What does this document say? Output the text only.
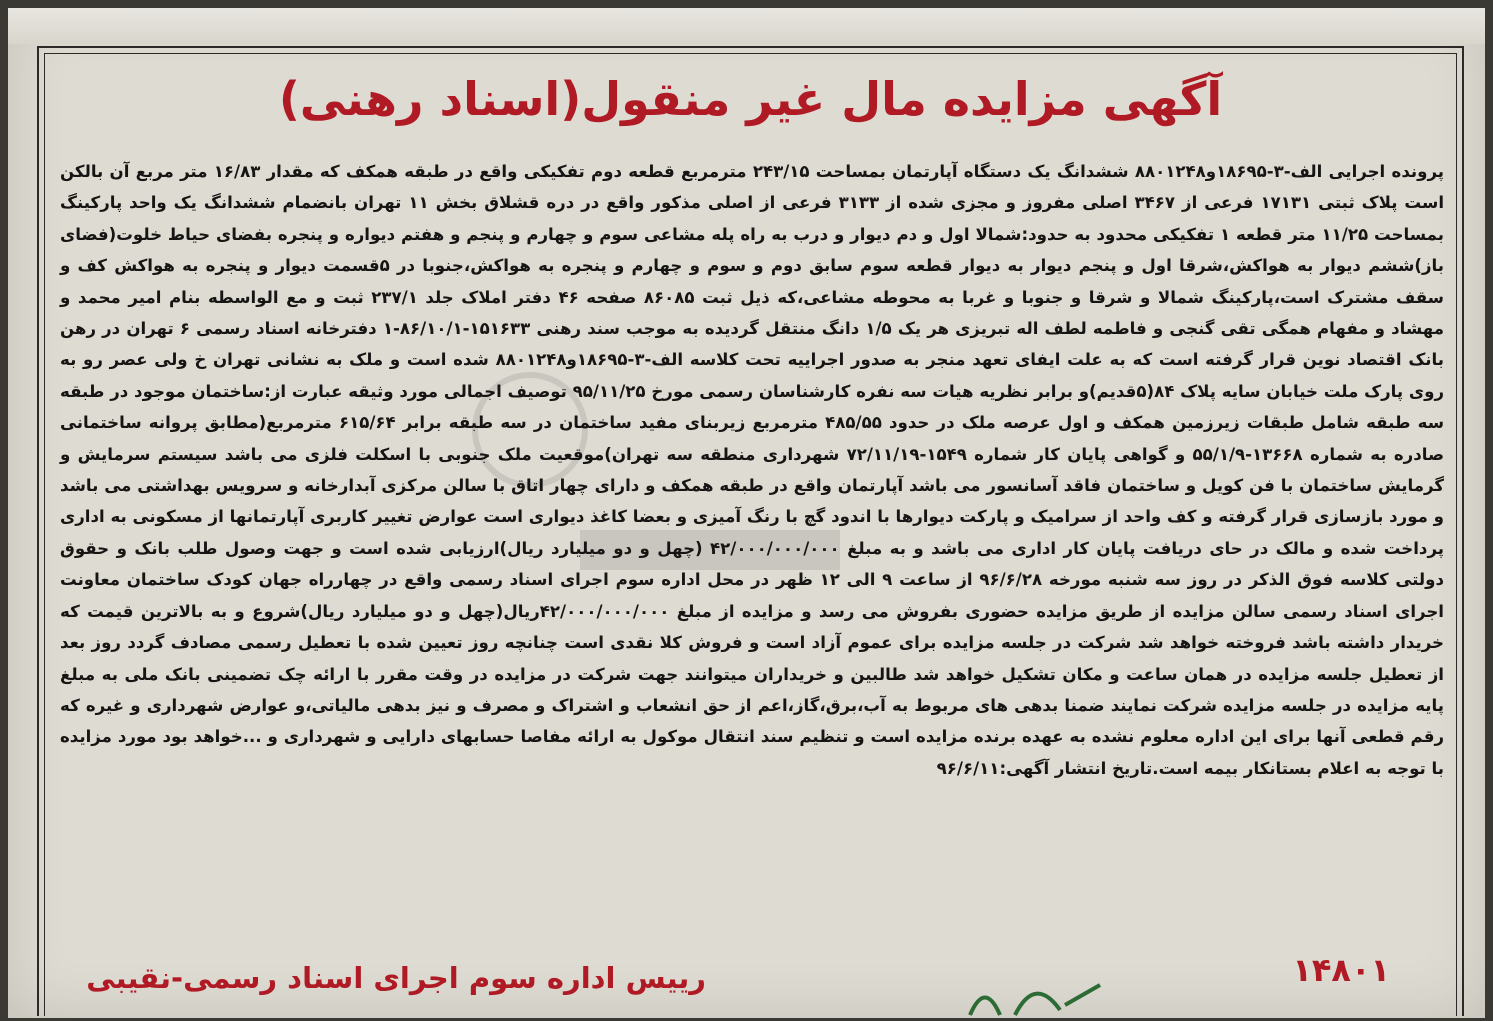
آگهی مزایده مال غیر منقول(اسناد رهنی)

پرونده اجرایی الف-۳-۱۸۶۹۵و۸۸۰۱۲۴۸ ششدانگ یک دستگاه آپارتمان بمساحت ۲۴۳/۱۵ مترمربع قطعه دوم تفکیکی واقع در طبقه همکف که مقدار ۱۶/۸۳ متر مربع آن بالکن است پلاک ثبتی ۱۷۱۳۱ فرعی از ۳۴۶۷ اصلی مفروز و مجزی شده از ۳۱۳۳ فرعی از اصلی مذکور واقع در دره قشلاق بخش ۱۱ تهران بانضمام ششدانگ یک واحد پارکینگ بمساحت ۱۱/۲۵ متر قطعه ۱ تفکیکی محدود به حدود:شمالا اول و دم دیوار و درب به راه پله مشاعی سوم و چهارم و پنجم و هفتم دیواره و پنجره بفضای حیاط خلوت(فضای باز)ششم دیوار به هواکش،شرقا اول و پنجم دیوار به دیوار قطعه سوم سابق دوم و سوم و چهارم و پنجره به هواکش،جنوبا در ۵قسمت دیوار و پنجره به هواکش کف و سقف مشترک است،پارکینگ شمالا و شرقا و جنوبا و غربا به محوطه مشاعی،که ذیل ثبت ۸۶۰۸۵ صفحه ۴۶ دفتر املاک جلد ۲۳۷/۱ ثبت و مع الواسطه بنام امیر محمد و مهشاد و مفهام همگی تقی گنجی و فاطمه لطف اله تبریزی هر یک ۱/۵ دانگ منتقل گردیده به موجب سند رهنی ۱۵۱۶۳۳-۸۶/۱۰/۱-۱ دفترخانه اسناد رسمی ۶ تهران در رهن بانک اقتصاد نوین قرار گرفته است که به علت ایفای تعهد منجر به صدور اجراییه تحت کلاسه الف-۳-۱۸۶۹۵و۸۸۰۱۲۴۸ شده است و ملک به نشانی تهران خ ولی عصر رو به روی پارک ملت خیابان سایه پلاک ۸۴(۵قدیم)و برابر نظریه هیات سه نفره کارشناسان رسمی مورخ ۹۵/۱۱/۲۵ توصیف اجمالی مورد وثیقه عبارت از:ساختمان موجود در طبقه سه طبقه شامل طبقات زیرزمین همکف و اول عرصه ملک در حدود ۴۸۵/۵۵ مترمربع زیربنای مفید ساختمان در سه طبقه برابر ۶۱۵/۶۴ مترمربع(مطابق پروانه ساختمانی صادره به شماره ۱۳۶۶۸-۵۵/۱/۹ و گواهی پایان کار شماره ۱۵۴۹-۷۲/۱۱/۱۹ شهرداری منطقه سه تهران)موقعیت ملک جنوبی با اسکلت فلزی می باشد سیستم سرمایش و گرمایش ساختمان با فن کویل و ساختمان فاقد آسانسور می باشد آپارتمان واقع در طبقه همکف و دارای چهار اتاق با سالن مرکزی آبدارخانه و سرویس بهداشتی می باشد و مورد بازسازی قرار گرفته و کف واحد از سرامیک و پارکت دیوارها با اندود گچ با رنگ آمیزی و بعضا کاغذ دیواری است عوارض تغییر کاربری آپارتمانها از مسکونی به اداری پرداخت شده و مالک در حای دریافت پایان کار اداری می باشد و به مبلغ ۴۲/۰۰۰/۰۰۰/۰۰۰ (چهل و دو میلیارد ریال)ارزیابی شده است و جهت وصول طلب بانک و حقوق دولتی کلاسه فوق الذکر در روز سه شنبه مورخه ۹۶/۶/۲۸ از ساعت ۹ الی ۱۲ ظهر در محل اداره سوم اجرای اسناد رسمی واقع در چهارراه جهان کودک ساختمان معاونت اجرای اسناد رسمی سالن مزایده از طریق مزایده حضوری بفروش می رسد و مزایده از مبلغ ۴۲/۰۰۰/۰۰۰/۰۰۰ریال(چهل و دو میلیارد ریال)شروع و به بالاترین قیمت که خریدار داشته باشد فروخته خواهد شد شرکت در جلسه مزایده برای عموم آزاد است و فروش کلا نقدی است چنانچه روز تعیین شده با تعطیل رسمی مصادف گردد روز بعد از تعطیل جلسه مزایده در همان ساعت و مکان تشکیل خواهد شد طالبین و خریداران میتوانند جهت شرکت در مزایده در وقت مقرر با ارائه چک تضمینی بانک ملی به مبلغ پایه مزایده در جلسه مزایده شرکت نمایند ضمنا بدهی های مربوط به آب،برق،گاز،اعم از حق انشعاب و اشتراک و مصرف و نیز بدهی مالیاتی،و عوارض شهرداری و غیره که رقم قطعی آنها برای این اداره معلوم نشده به عهده برنده مزایده است و تنظیم سند انتقال موکول به ارائه مفاصا حسابهای دارایی و شهرداری و ...خواهد بود مورد مزایده با توجه به اعلام بستانکار بیمه است.تاریخ انتشار آگهی:۹۶/۶/۱۱

رییس اداره سوم اجرای اسناد رسمی-نقیبی	۱۴۸۰۱
